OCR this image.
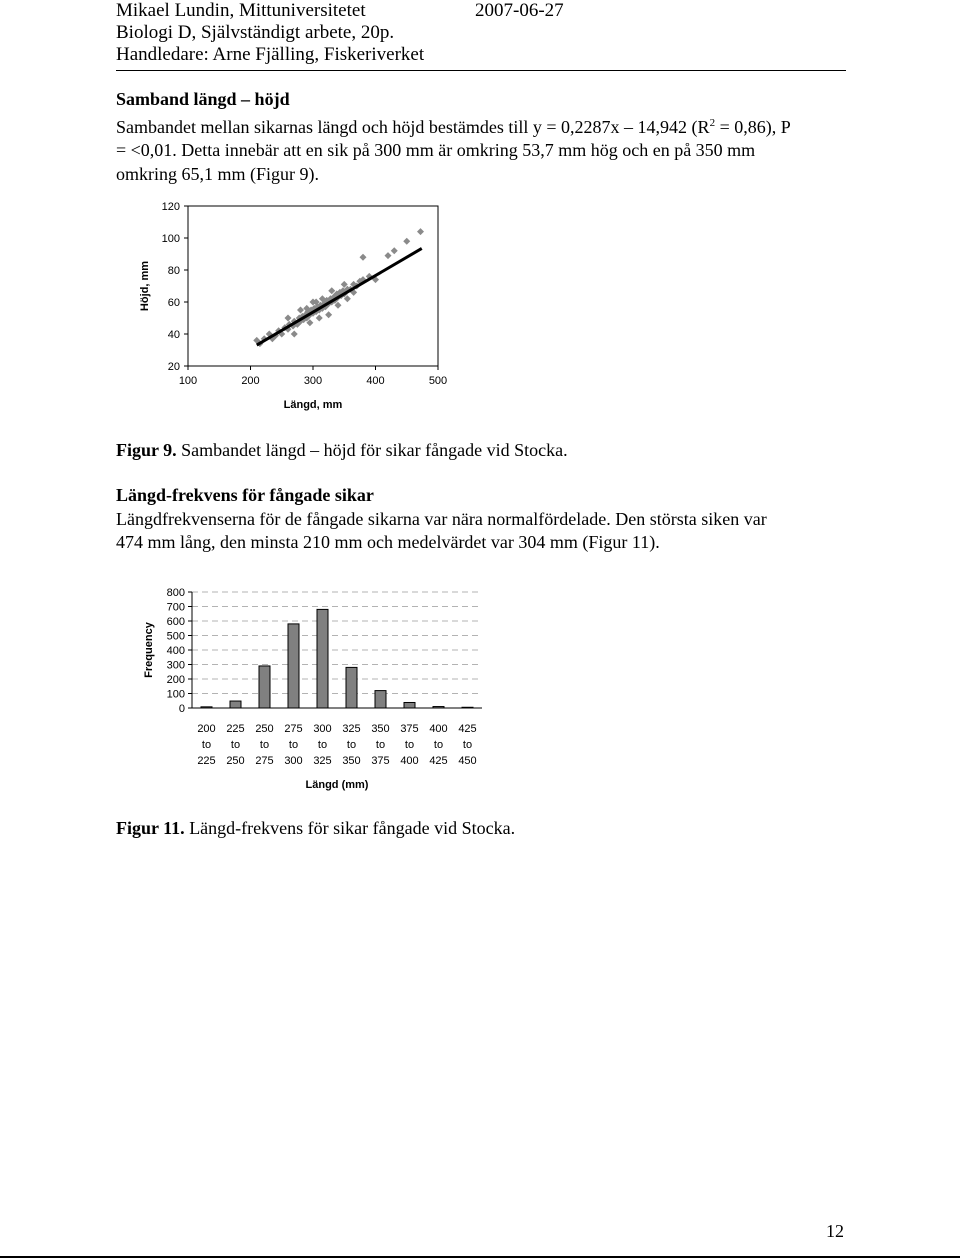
Mikael Lundin, Mittuniversitetet	2007-06-27
Biologi D, Självständigt arbete, 20p.
Handledare: Arne Fjälling, Fiskeriverket
Samband längd – höjd
Sambandet mellan sikarnas längd och höjd bestämdes till y = 0,2287x – 14,942 $(R^2 = 0,86)$, P
= <0,01. Detta innebär att en sik på 300 mm är omkring 53,7 mm hög och en på 350 mm
omkring 65,1 mm (Figur 9).
20
40
60
80
100
120
100	200	300	400	500
Längd, mm
Höjd, mm
Figur 9. Sambandet längd – höjd för sikar fångade vid Stocka.
Längd-frekvens för fångade sikar
Längdfrekvenserna för de fångade sikarna var nära normalfördelade. Den största siken var
474 mm lång, den minsta 210 mm och medelvärdet var 304 mm (Figur 11).
0
100
200
300
400
500
600
700
800
200
to
225
225
to
250
250
to
275
275
to
300
300
to
325
325
to
350
350
to
375
375
to
400
400
to
425
425
to
450
Längd (mm)
Frequency
Figur 11. Längd-frekvens för sikar fångade vid Stocka.
12
